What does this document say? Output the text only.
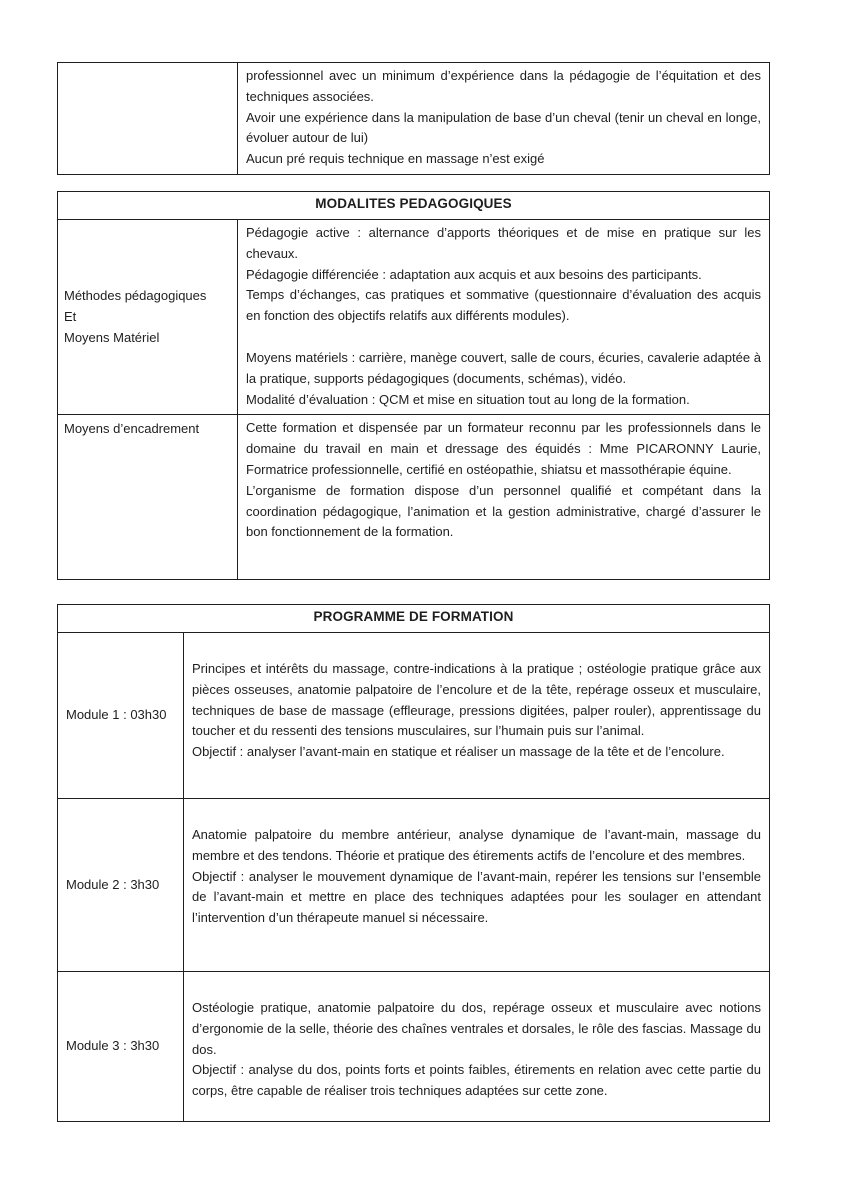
professionnel avec un minimum d’expérience dans la pédagogie de l’équitation et des techniques associées.

Avoir une expérience dans la manipulation de base d’un cheval (tenir un cheval en longe, évoluer autour de lui)

Aucun pré requis technique en massage n’est exigé

MODALITES PEDAGOGIQUES
Méthodes pédagogiques
Et
Moyens Matériel

Pédagogie active : alternance d’apports théoriques et de mise en pratique sur les chevaux.

Pédagogie différenciée : adaptation aux acquis et aux besoins des participants.

Temps d’échanges, cas pratiques et sommative (questionnaire d’évaluation des acquis en fonction des objectifs relatifs aux différents modules).

Moyens matériels : carrière, manège couvert, salle de cours, écuries, cavalerie adaptée à la pratique, supports pédagogiques (documents, schémas), vidéo.

Modalité d’évaluation : QCM et mise en situation tout au long de la formation.

Moyens d’encadrement	Cette formation et dispensée par un formateur reconnu par les professionnels dans le domaine du travail en main et dressage des équidés : Mme PICARONNY Laurie, Formatrice professionnelle, certifié en ostéopathie, shiatsu et massothérapie équine.

L’organisme de formation dispose d’un personnel qualifié et compétant dans la coordination pédagogique, l’animation et la gestion administrative, chargé d’assurer le bon fonctionnement de la formation.

PROGRAMME DE FORMATION
Module 1 : 03h30

Principes et intérêts du massage, contre-indications à la pratique ; ostéologie pratique grâce aux pièces osseuses, anatomie palpatoire de l’encolure et de la tête, repérage osseux et musculaire, techniques de base de massage (effleurage, pressions digitées, palper rouler), apprentissage du toucher et du ressenti des tensions musculaires, sur l’humain puis sur l’animal.

Objectif : analyser l’avant-main en statique et réaliser un massage de la tête et de l’encolure.

Module 2 : 3h30

Anatomie palpatoire du membre antérieur, analyse dynamique de l’avant-main, massage du membre et des tendons. Théorie et pratique des étirements actifs de l’encolure et des membres.

Objectif : analyser le mouvement dynamique de l’avant-main, repérer les tensions sur l’ensemble de l’avant-main et mettre en place des techniques adaptées pour les soulager en attendant l’intervention d’un thérapeute manuel si nécessaire.

Module 3 : 3h30

Ostéologie pratique, anatomie palpatoire du dos, repérage osseux et musculaire avec notions d’ergonomie de la selle, théorie des chaînes ventrales et dorsales, le rôle des fascias. Massage du dos.

Objectif : analyse du dos, points forts et points faibles, étirements en relation avec cette partie du corps, être capable de réaliser trois techniques adaptées sur cette zone.
